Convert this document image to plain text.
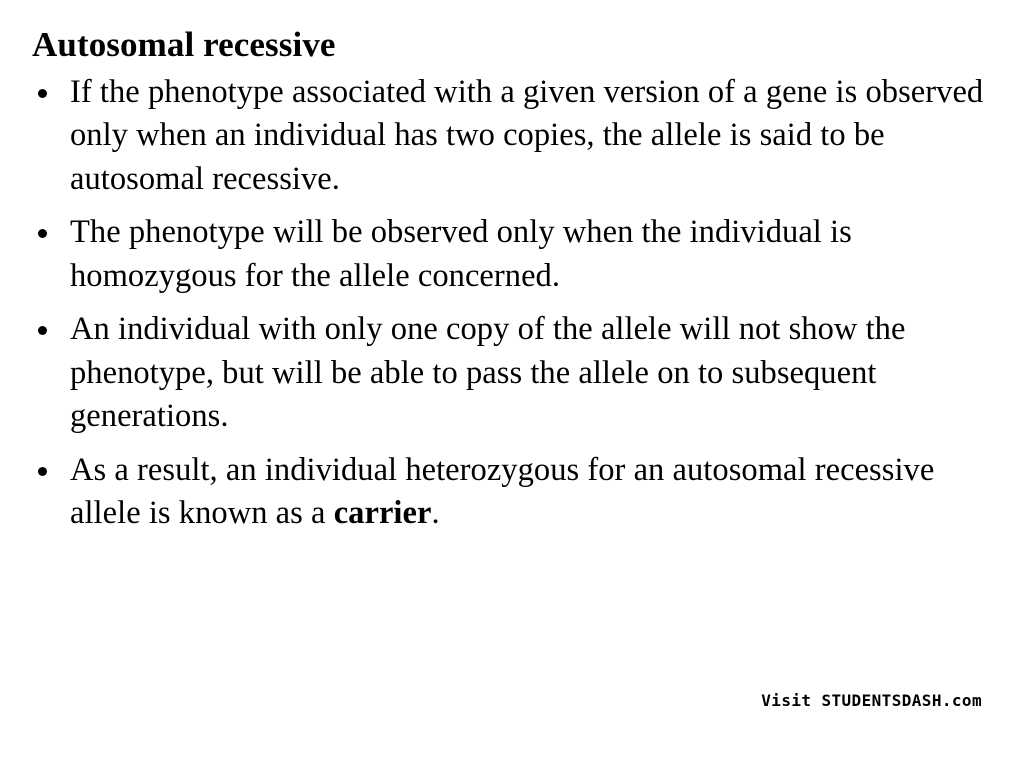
Autosomal recessive
If the phenotype associated with a given version of a gene is observed only when an individual has two copies, the allele is said to be autosomal recessive.
The phenotype will be observed only when the individual is homozygous for the allele concerned.
An individual with only one copy of the allele will not show the phenotype, but will be able to pass the allele on to subsequent generations.
As a result, an individual heterozygous for an autosomal recessive allele is known as a carrier.
Visit STUDENTSDASH.com
